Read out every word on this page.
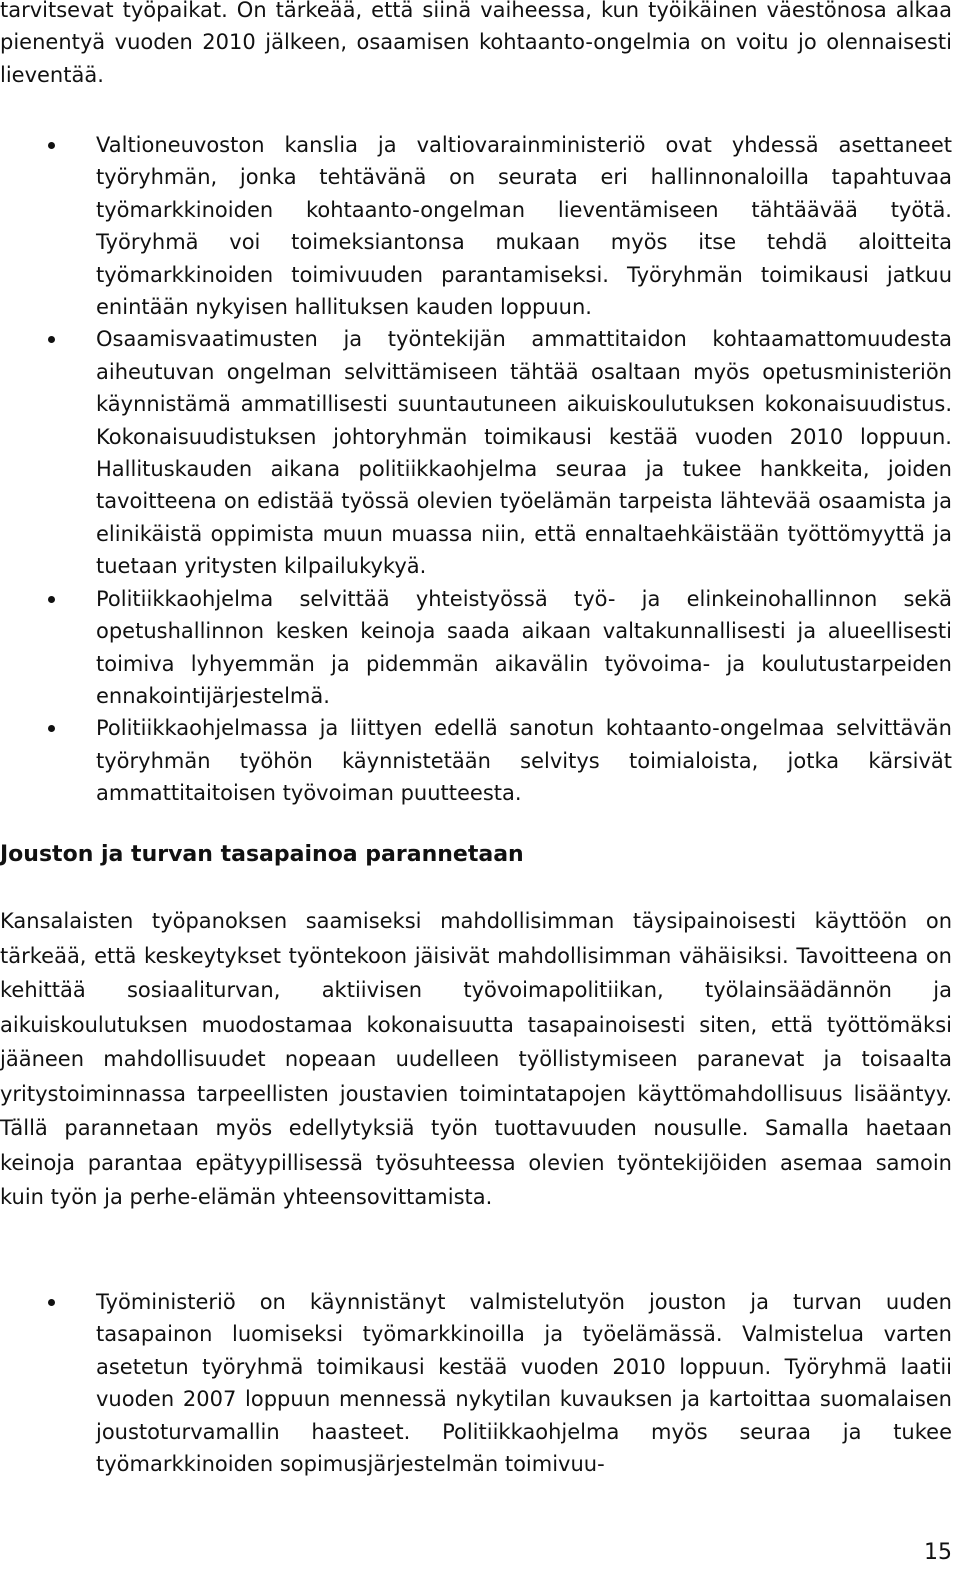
tarvitsevat työpaikat. On tärkeää, että siinä vaiheessa, kun työikäinen väestönosa alkaa pienentyä vuoden 2010 jälkeen, osaamisen kohtaanto-ongelmia on voitu jo olennaisesti lieventää.

Valtioneuvoston kanslia ja valtiovarainministeriö ovat yhdessä asettaneet työryhmän, jonka tehtävänä on seurata eri hallinnonaloilla tapahtuvaa työmarkkinoiden kohtaanto-ongelman lieventämiseen tähtäävää työtä. Työryhmä voi toimeksiantonsa mukaan myös itse tehdä aloitteita työmarkkinoiden toimivuuden parantamiseksi. Työryhmän toimikausi jatkuu enintään nykyisen hallituksen kauden loppuun.
Osaamisvaatimusten ja työntekijän ammattitaidon kohtaamattomuudesta aiheutuvan ongelman selvittämiseen tähtää osaltaan myös opetusministeriön käynnistämä ammatillisesti suuntautuneen aikuiskoulutuksen kokonaisuudistus. Kokonaisuudistuksen johtoryhmän toimikausi kestää vuoden 2010 loppuun. Hallituskauden aikana politiikkaohjelma seuraa ja tukee hankkeita, joiden tavoitteena on edistää työssä olevien työelämän tarpeista lähtevää osaamista ja elinikäistä oppimista muun muassa niin, että ennaltaehkäistään työttömyyttä ja tuetaan yritysten kilpailukykyä.
Politiikkaohjelma selvittää yhteistyössä työ- ja elinkeinohallinnon sekä opetushallinnon kesken keinoja saada aikaan valtakunnallisesti ja alueellisesti toimiva lyhyemmän ja pidemmän aikavälin työvoima- ja koulutustarpeiden ennakointijärjestelmä.
Politiikkaohjelmassa ja liittyen edellä sanotun kohtaanto-ongelmaa selvittävän työryhmän työhön käynnistetään selvitys toimialoista, jotka kärsivät ammattitaitoisen työvoiman puutteesta.
Jouston ja turvan tasapainoa parannetaan

Kansalaisten työpanoksen saamiseksi mahdollisimman täysipainoisesti käyttöön on tärkeää, että keskeytykset työntekoon jäisivät mahdollisimman vähäisiksi. Tavoitteena on kehittää sosiaaliturvan, aktiivisen työvoimapolitiikan, työlainsäädännön ja aikuiskoulutuksen muodostamaa kokonaisuutta tasapainoisesti siten, että työttömäksi jääneen mahdollisuudet nopeaan uudelleen työllistymiseen paranevat ja toisaalta yritystoiminnassa tarpeellisten joustavien toimintatapojen käyttömahdollisuus lisääntyy. Tällä parannetaan myös edellytyksiä työn tuottavuuden nousulle. Samalla haetaan keinoja parantaa epätyypillisessä työsuhteessa olevien työntekijöiden asemaa samoin kuin työn ja perhe-elämän yhteensovittamista.

Työministeriö on käynnistänyt valmistelutyön jouston ja turvan uuden tasapainon luomiseksi työmarkkinoilla ja työelämässä. Valmistelua varten asetetun työryhmä toimikausi kestää vuoden 2010 loppuun. Työryhmä laatii vuoden 2007 loppuun mennessä nykytilan kuvauksen ja kartoittaa suomalaisen joustoturvamallin haasteet. Politiikkaohjelma myös seuraa ja tukee työmarkkinoiden sopimusjärjestelmän toimivuu-
15
